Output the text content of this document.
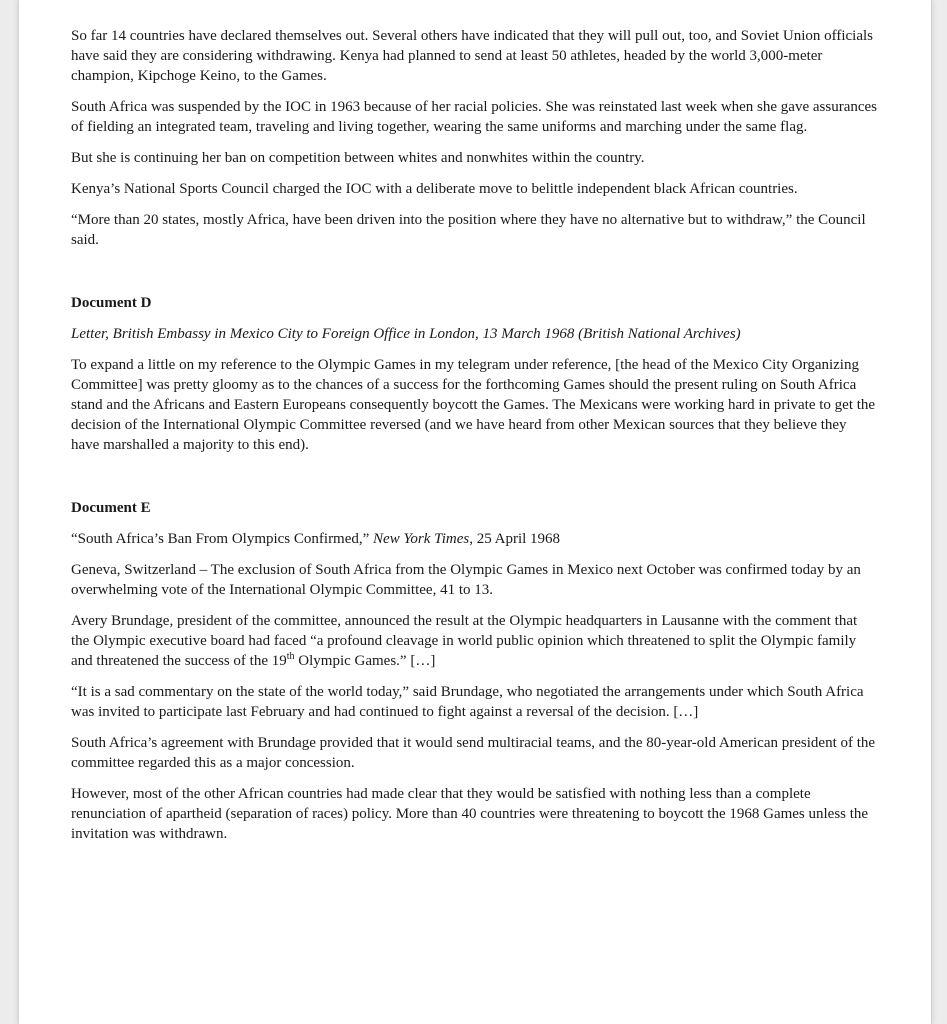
So far 14 countries have declared themselves out. Several others have indicated that they will pull out, too, and Soviet Union officials have said they are considering withdrawing. Kenya had planned to send at least 50 athletes, headed by the world 3,000-meter champion, Kipchoge Keino, to the Games.

South Africa was suspended by the IOC in 1963 because of her racial policies. She was reinstated last week when she gave assurances of fielding an integrated team, traveling and living together, wearing the same uniforms and marching under the same flag.

But she is continuing her ban on competition between whites and nonwhites within the country.

Kenya’s National Sports Council charged the IOC with a deliberate move to belittle independent black African countries.

“More than 20 states, mostly Africa, have been driven into the position where they have no alternative but to withdraw,” the Council said.

Document D

Letter, British Embassy in Mexico City to Foreign Office in London, 13 March 1968 (British National Archives)

To expand a little on my reference to the Olympic Games in my telegram under reference, [the head of the Mexico City Organizing Committee] was pretty gloomy as to the chances of a success for the forthcoming Games should the present ruling on South Africa stand and the Africans and Eastern Europeans consequently boycott the Games. The Mexicans were working hard in private to get the decision of the International Olympic Committee reversed (and we have heard from other Mexican sources that they believe they have marshalled a majority to this end).

Document E

“South Africa’s Ban From Olympics Confirmed,” New York Times, 25 April 1968

Geneva, Switzerland – The exclusion of South Africa from the Olympic Games in Mexico next October was confirmed today by an overwhelming vote of the International Olympic Committee, 41 to 13.

Avery Brundage, president of the committee, announced the result at the Olympic headquarters in Lausanne with the comment that the Olympic executive board had faced “a profound cleavage in world public opinion which threatened to split the Olympic family and threatened the success of the 19th Olympic Games.” […]

“It is a sad commentary on the state of the world today,” said Brundage, who negotiated the arrangements under which South Africa was invited to participate last February and had continued to fight against a reversal of the decision. […]

South Africa’s agreement with Brundage provided that it would send multiracial teams, and the 80-year-old American president of the committee regarded this as a major concession.

However, most of the other African countries had made clear that they would be satisfied with nothing less than a complete renunciation of apartheid (separation of races) policy. More than 40 countries were threatening to boycott the 1968 Games unless the invitation was withdrawn.
